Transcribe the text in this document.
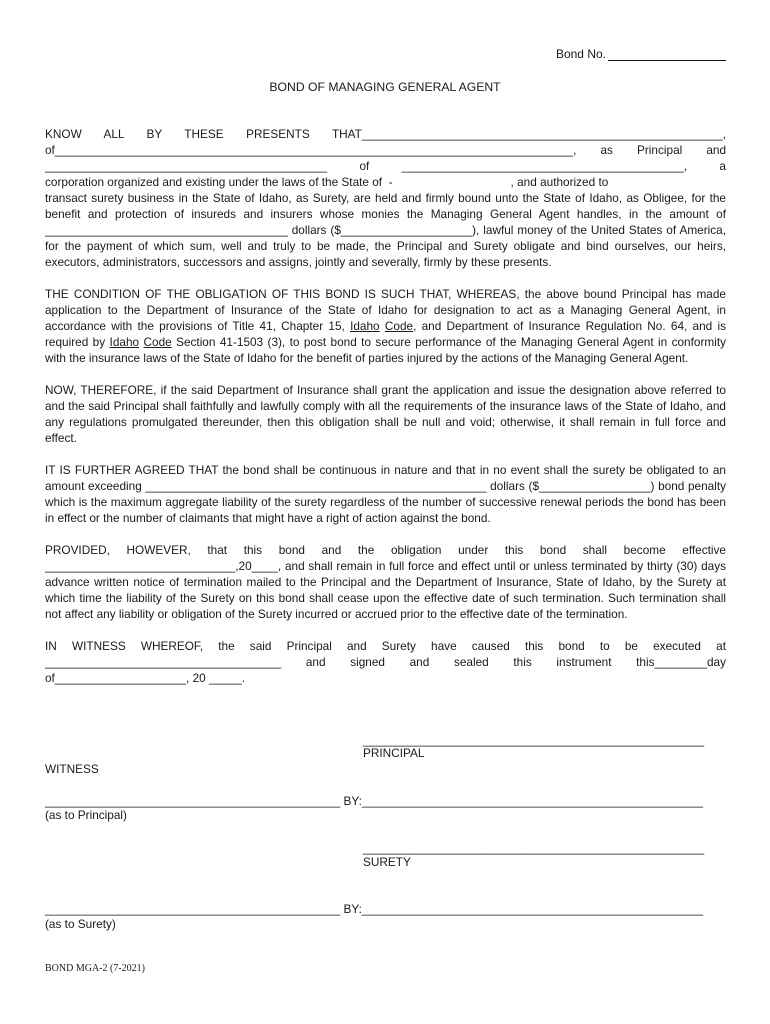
Bond No.
BOND OF MANAGING GENERAL AGENT

KNOW ALL BY THESE PRESENTS THAT_______________________________________________________,
of_______________________________________________________________________________, as Principal and
___________________________________________ of ___________________________________________, a
corporation organized and existing under the laws of the State of  -                                    , and authorized to
transact surety business in the State of Idaho, as Surety, are held and firmly bound unto the State of Idaho, as Obligee, for the benefit and protection of insureds and insurers whose monies the Managing General Agent handles, in the amount of _____________________________________ dollars ($____________________), lawful money of the United States of America, for the payment of which sum, well and truly to be made, the Principal and Surety obligate and bind ourselves, our heirs, executors, administrators, successors and assigns, jointly and severally, firmly by these presents.

THE CONDITION OF THE OBLIGATION OF THIS BOND IS SUCH THAT, WHEREAS, the above bound Principal has made application to the Department of Insurance of the State of Idaho for designation to act as a Managing General Agent, in accordance with the provisions of Title 41, Chapter 15, Idaho Code, and Department of Insurance Regulation No. 64, and is required by Idaho Code Section 41-1503 (3), to post bond to secure performance of the Managing General Agent in conformity with the insurance laws of the State of Idaho for the benefit of parties injured by the actions of the Managing General Agent.

NOW, THEREFORE, if the said Department of Insurance shall grant the application and issue the designation above referred to and the said Principal shall faithfully and lawfully comply with all the requirements of the insurance laws of the State of Idaho, and any regulations promulgated thereunder, then this obligation shall be null and void; otherwise, it shall remain in full force and effect.

IT IS FURTHER AGREED THAT the bond shall be continuous in nature and that in no event shall the surety be obligated to an amount exceeding ____________________________________________________ dollars ($_________________) bond penalty which is the maximum aggregate liability of the surety regardless of the number of successive renewal periods the bond has been in effect or the number of claimants that might have a right of action against the bond.

PROVIDED, HOWEVER, that this bond and the obligation under this bond shall become effective _____________________________,20____, and shall remain in full force and effect until or unless terminated by thirty (30) days advance written notice of termination mailed to the Principal and the Department of Insurance, State of Idaho, by the Surety at which time the liability of the Surety on this bond shall cease upon the effective date of such termination. Such termination shall not affect any liability or obligation of the Surety incurred or accrued prior to the effective date of the termination.

IN WITNESS WHEREOF, the said Principal and Surety have caused this bond to be executed at
____________________________________ and signed and sealed this instrument this________day
of____________________, 20 _____.

____________________________________________________
PRINCIPAL
WITNESS
_____________________________________________ BY:____________________________________________________
(as to Principal)
____________________________________________________
SURETY
_____________________________________________ BY:____________________________________________________
(as to Surety)
BOND MGA-2 (7-2021)
